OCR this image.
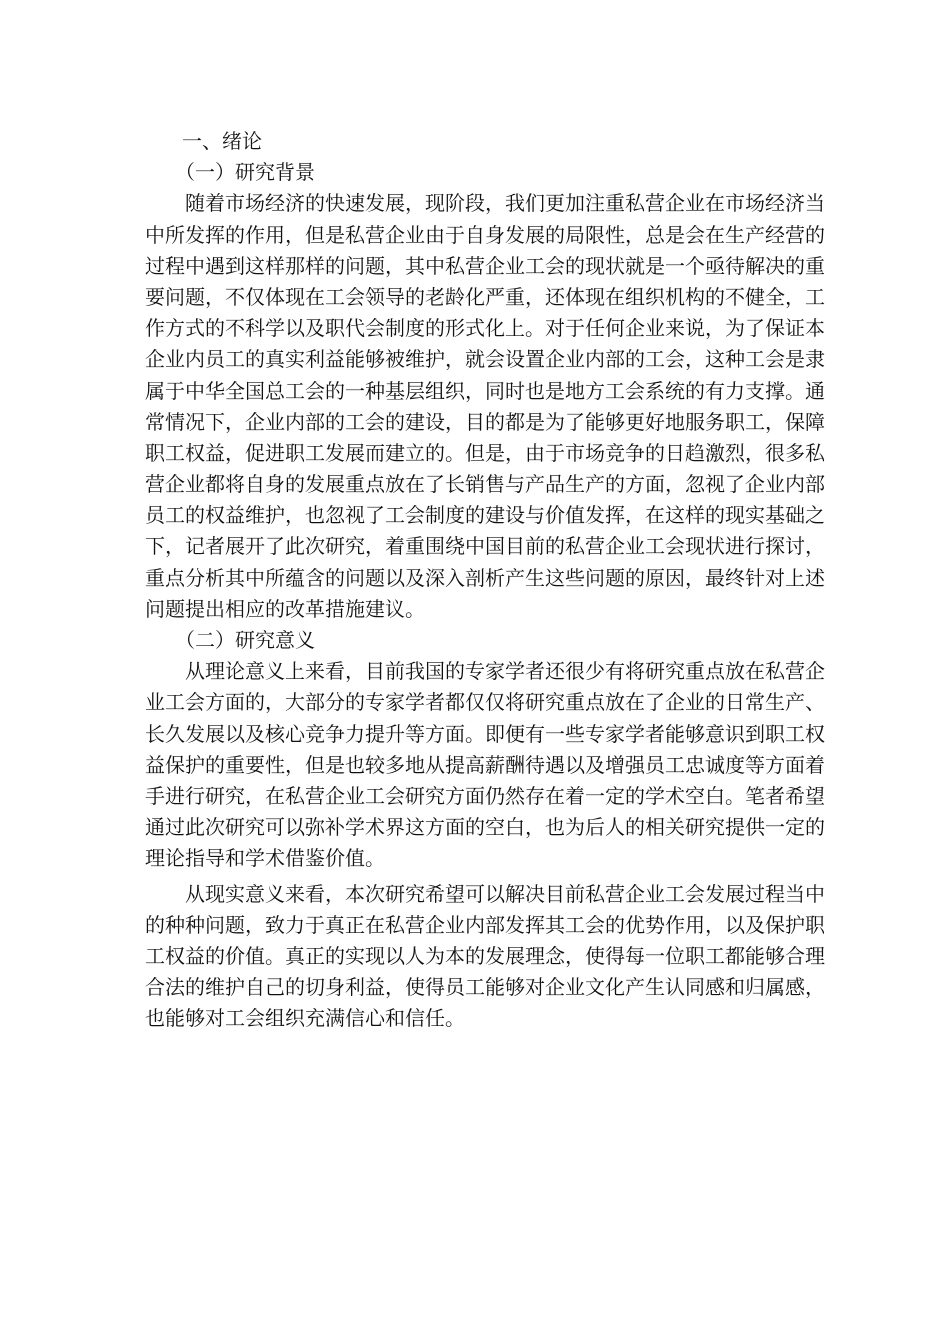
一、绪论
（一）研究背景
随着市场经济的快速发展，现阶段，我们更加注重私营企业在市场经济当
中所发挥的作用，但是私营企业由于自身发展的局限性，总是会在生产经营的
过程中遇到这样那样的问题，其中私营企业工会的现状就是一个亟待解决的重
要问题，不仅体现在工会领导的老龄化严重，还体现在组织机构的不健全，工
作方式的不科学以及职代会制度的形式化上。对于任何企业来说，为了保证本
企业内员工的真实利益能够被维护，就会设置企业内部的工会，这种工会是隶
属于中华全国总工会的一种基层组织，同时也是地方工会系统的有力支撑。通
常情况下，企业内部的工会的建设，目的都是为了能够更好地服务职工，保障
职工权益，促进职工发展而建立的。但是，由于市场竞争的日趋激烈，很多私
营企业都将自身的发展重点放在了长销售与产品生产的方面，忽视了企业内部
员工的权益维护，也忽视了工会制度的建设与价值发挥，在这样的现实基础之
下，记者展开了此次研究，着重围绕中国目前的私营企业工会现状进行探讨，
重点分析其中所蕴含的问题以及深入剖析产生这些问题的原因，最终针对上述
问题提出相应的改革措施建议。
（二）研究意义
从理论意义上来看，目前我国的专家学者还很少有将研究重点放在私营企
业工会方面的，大部分的专家学者都仅仅将研究重点放在了企业的日常生产、
长久发展以及核心竞争力提升等方面。即便有一些专家学者能够意识到职工权
益保护的重要性，但是也较多地从提高薪酬待遇以及增强员工忠诚度等方面着
手进行研究，在私营企业工会研究方面仍然存在着一定的学术空白。笔者希望
通过此次研究可以弥补学术界这方面的空白，也为后人的相关研究提供一定的
理论指导和学术借鉴价值。
从现实意义来看，本次研究希望可以解决目前私营企业工会发展过程当中
的种种问题，致力于真正在私营企业内部发挥其工会的优势作用，以及保护职
工权益的价值。真正的实现以人为本的发展理念，使得每一位职工都能够合理
合法的维护自己的切身利益，使得员工能够对企业文化产生认同感和归属感，
也能够对工会组织充满信心和信任。
